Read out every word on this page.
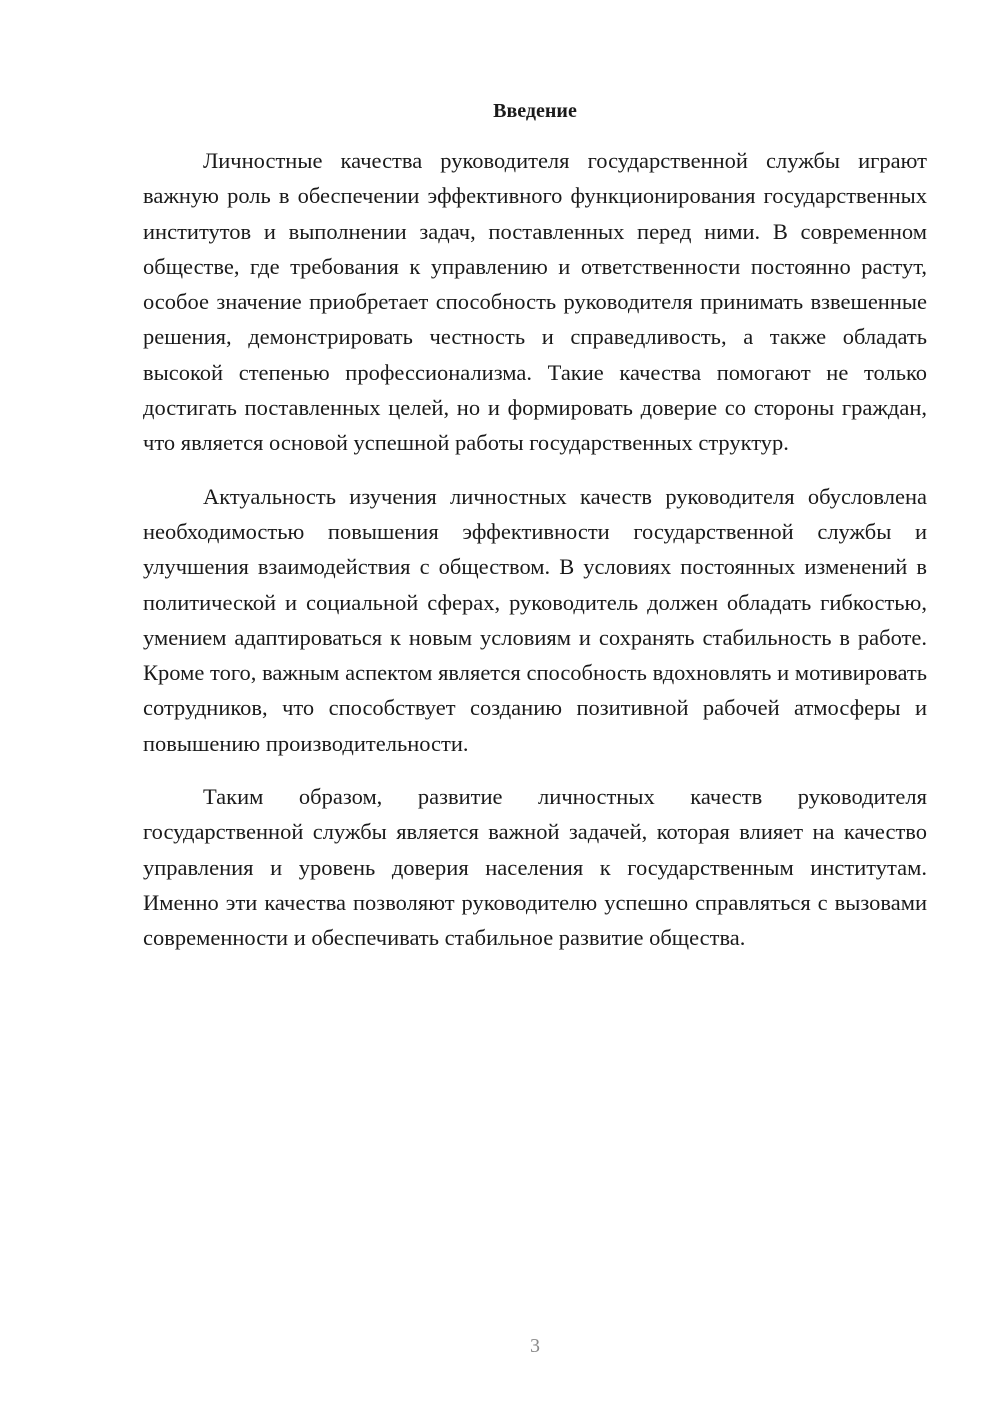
Введение

Личностные качества руководителя государственной службы играют важную роль в обеспечении эффективного функционирования государственных институтов и выполнении задач, поставленных перед ними. В современном обществе, где требования к управлению и ответственности постоянно растут, особое значение приобретает способность руководителя принимать взвешенные решения, демонстрировать честность и справедливость, а также обладать высокой степенью профессионализма. Такие качества помогают не только достигать поставленных целей, но и формировать доверие со стороны граждан, что является основой успешной работы государственных структур.

Актуальность изучения личностных качеств руководителя обусловлена необходимостью повышения эффективности государственной службы и улучшения взаимодействия с обществом. В условиях постоянных изменений в политической и социальной сферах, руководитель должен обладать гибкостью, умением адаптироваться к новым условиям и сохранять стабильность в работе. Кроме того, важным аспектом является способность вдохновлять и мотивировать сотрудников, что способствует созданию позитивной рабочей атмосферы и повышению производительности.

Таким образом, развитие личностных качеств руководителя государственной службы является важной задачей, которая влияет на качество управления и уровень доверия населения к государственным институтам. Именно эти качества позволяют руководителю успешно справляться с вызовами современности и обеспечивать стабильное развитие общества.

3
